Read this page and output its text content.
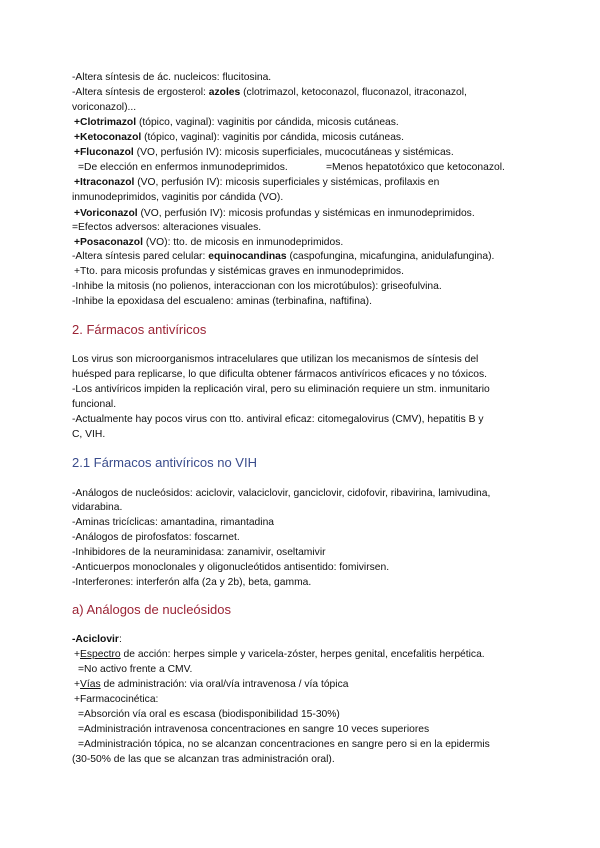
-Altera síntesis de ác. nucleicos: flucitosina.
-Altera síntesis de ergosterol: azoles (clotrimazol, ketoconazol, fluconazol, itraconazol,
voriconazol)...
+Clotrimazol (tópico, vaginal): vaginitis por cándida, micosis cutáneas.
+Ketoconazol (tópico, vaginal): vaginitis por cándida, micosis cutáneas.
+Fluconazol (VO, perfusión IV): micosis superficiales, mucocutáneas y sistémicas.
=De elección en enfermos inmunodeprimidos.	=Menos hepatotóxico que ketoconazol.
+Itraconazol (VO, perfusión IV): micosis superficiales y sistémicas, profilaxis en
inmunodeprimidos, vaginitis por cándida (VO).
+Voriconazol (VO, perfusión IV): micosis profundas y sistémicas en inmunodeprimidos.
=Efectos adversos: alteraciones visuales.
+Posaconazol (VO): tto. de micosis en inmunodeprimidos.
-Altera síntesis pared celular: equinocandinas (caspofungina, micafungina, anidulafungina).
+Tto. para micosis profundas y sistémicas graves en inmunodeprimidos.
-Inhibe la mitosis (no polienos, interaccionan con los microtúbulos): griseofulvina.
-Inhibe la epoxidasa del escualeno: aminas (terbinafina, naftifina).
2. Fármacos antivíricos
Los virus son microorganismos intracelulares que utilizan los mecanismos de síntesis del
huésped para replicarse, lo que dificulta obtener fármacos antivíricos eficaces y no tóxicos.
-Los antivíricos impiden la replicación viral, pero su eliminación requiere un stm. inmunitario
funcional.
-Actualmente hay pocos virus con tto. antiviral eficaz: citomegalovirus (CMV), hepatitis B y
C, VIH.
2.1 Fármacos antivíricos no VIH
-Análogos de nucleósidos: aciclovir, valaciclovir, ganciclovir, cidofovir, ribavirina, lamivudina,
vidarabina.
-Aminas tricíclicas: amantadina, rimantadina
-Análogos de pirofosfatos: foscarnet.
-Inhibidores de la neuraminidasa: zanamivir, oseltamivir
-Anticuerpos monoclonales y oligonucleótidos antisentido: fomivirsen.
-Interferones: interferón alfa (2a y 2b), beta, gamma.
a) Análogos de nucleósidos
-Aciclovir:
+Espectro de acción: herpes simple y varicela-zóster, herpes genital, encefalitis herpética.
=No activo frente a CMV.
+Vías de administración: via oral/vía intravenosa / vía tópica
+Farmacocinética:
=Absorción vía oral es escasa (biodisponibilidad 15-30%)
=Administración intravenosa concentraciones en sangre 10 veces superiores
=Administración tópica, no se alcanzan concentraciones en sangre pero si en la epidermis
(30-50% de las que se alcanzan tras administración oral).
